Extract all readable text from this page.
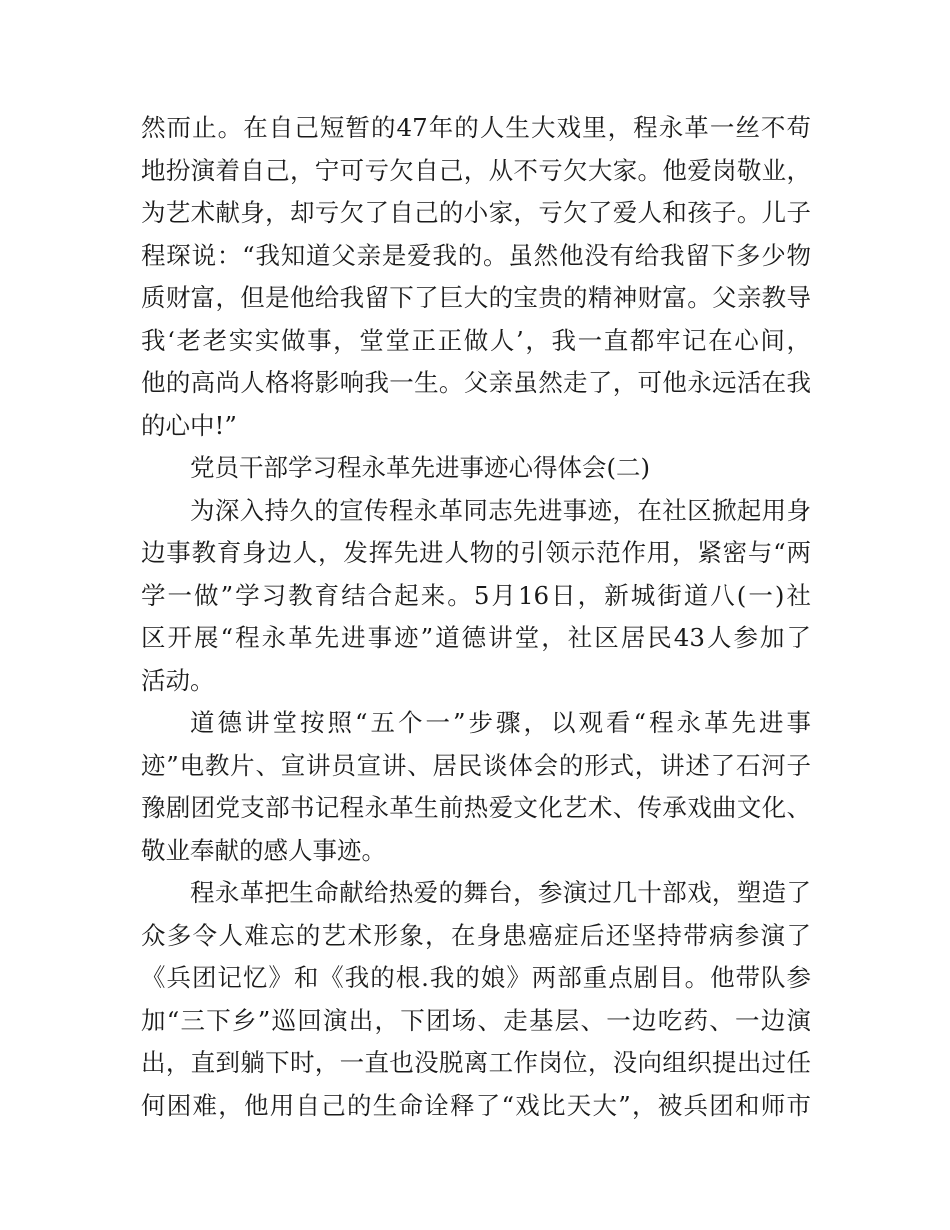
然而止。在自己短暂的47年的人生大戏里，程永革一丝不苟
地扮演着自己，宁可亏欠自己，从不亏欠大家。他爱岗敬业，
为艺术献身，却亏欠了自己的小家，亏欠了爱人和孩子。儿子
程琛说：“我知道父亲是爱我的。虽然他没有给我留下多少物
质财富，但是他给我留下了巨大的宝贵的精神财富。父亲教导
我‘老老实实做事，堂堂正正做人’，我一直都牢记在心间，
他的高尚人格将影响我一生。父亲虽然走了，可他永远活在我
的心中!”
党员干部学习程永革先进事迹心得体会(二)
为深入持久的宣传程永革同志先进事迹，在社区掀起用身
边事教育身边人，发挥先进人物的引领示范作用，紧密与“两
学一做”学习教育结合起来。5月16日，新城街道八(一)社
区开展“程永革先进事迹”道德讲堂，社区居民43人参加了
活动。
道德讲堂按照“五个一”步骤，以观看“程永革先进事
迹”电教片、宣讲员宣讲、居民谈体会的形式，讲述了石河子
豫剧团党支部书记程永革生前热爱文化艺术、传承戏曲文化、
敬业奉献的感人事迹。
程永革把生命献给热爱的舞台，参演过几十部戏，塑造了
众多令人难忘的艺术形象，在身患癌症后还坚持带病参演了
《兵团记忆》和《我的根.我的娘》两部重点剧目。他带队参
加“三下乡”巡回演出，下团场、走基层、一边吃药、一边演
出，直到躺下时，一直也没脱离工作岗位，没向组织提出过任
何困难，他用自己的生命诠释了“戏比天大”，被兵团和师市
